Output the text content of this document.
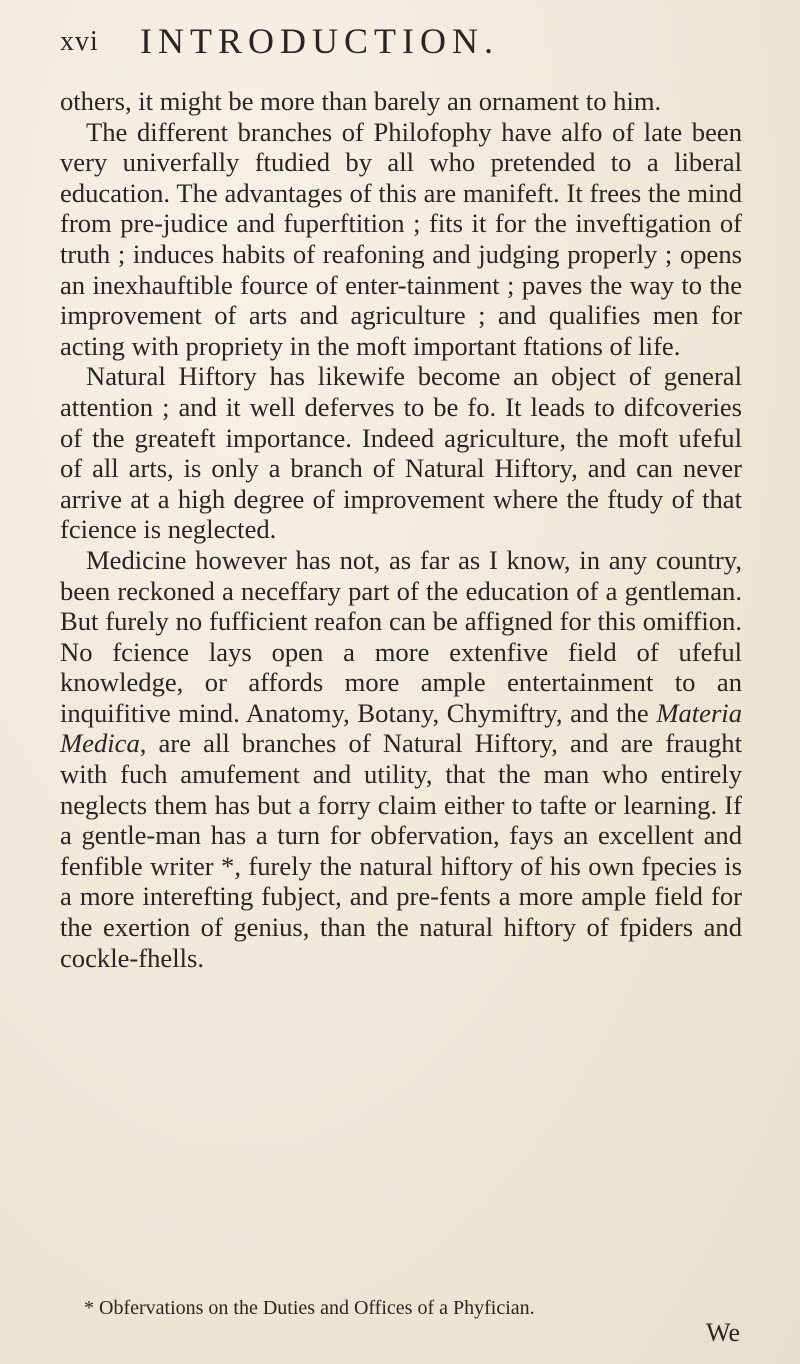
xvi INTRODUCTION.

others, it might be more than barely an ornament to him.

The different branches of Philofophy have alfo of late been very univerfally ftudied by all who pretended to a liberal education. The advantages of this are manifeft. It frees the mind from pre-judice and fuperftition ; fits it for the inveftigation of truth ; induces habits of reafoning and judging properly ; opens an inexhauftible fource of enter-tainment ; paves the way to the improvement of arts and agriculture ; and qualifies men for acting with propriety in the moft important ftations of life.

Natural Hiftory has likewife become an object of general attention ; and it well deferves to be fo. It leads to difcoveries of the greateft importance. Indeed agriculture, the moft ufeful of all arts, is only a branch of Natural Hiftory, and can never arrive at a high degree of improvement where the ftudy of that fcience is neglected.

Medicine however has not, as far as I know, in any country, been reckoned a neceffary part of the education of a gentleman. But furely no fufficient reafon can be affigned for this omiffion. No fcience lays open a more extenfive field of ufeful knowledge, or affords more ample entertainment to an inquifitive mind. Anatomy, Botany, Chymiftry, and the Materia Medica, are all branches of Natural Hiftory, and are fraught with fuch amufement and utility, that the man who entirely neglects them has but a forry claim either to tafte or learning. If a gentle-man has a turn for obfervation, fays an excellent and fenfible writer *, furely the natural hiftory of his own fpecies is a more interefting fubject, and pre-fents a more ample field for the exertion of genius, than the natural hiftory of fpiders and cockle-fhells.

* Obfervations on the Duties and Offices of a Phyfician.
We
